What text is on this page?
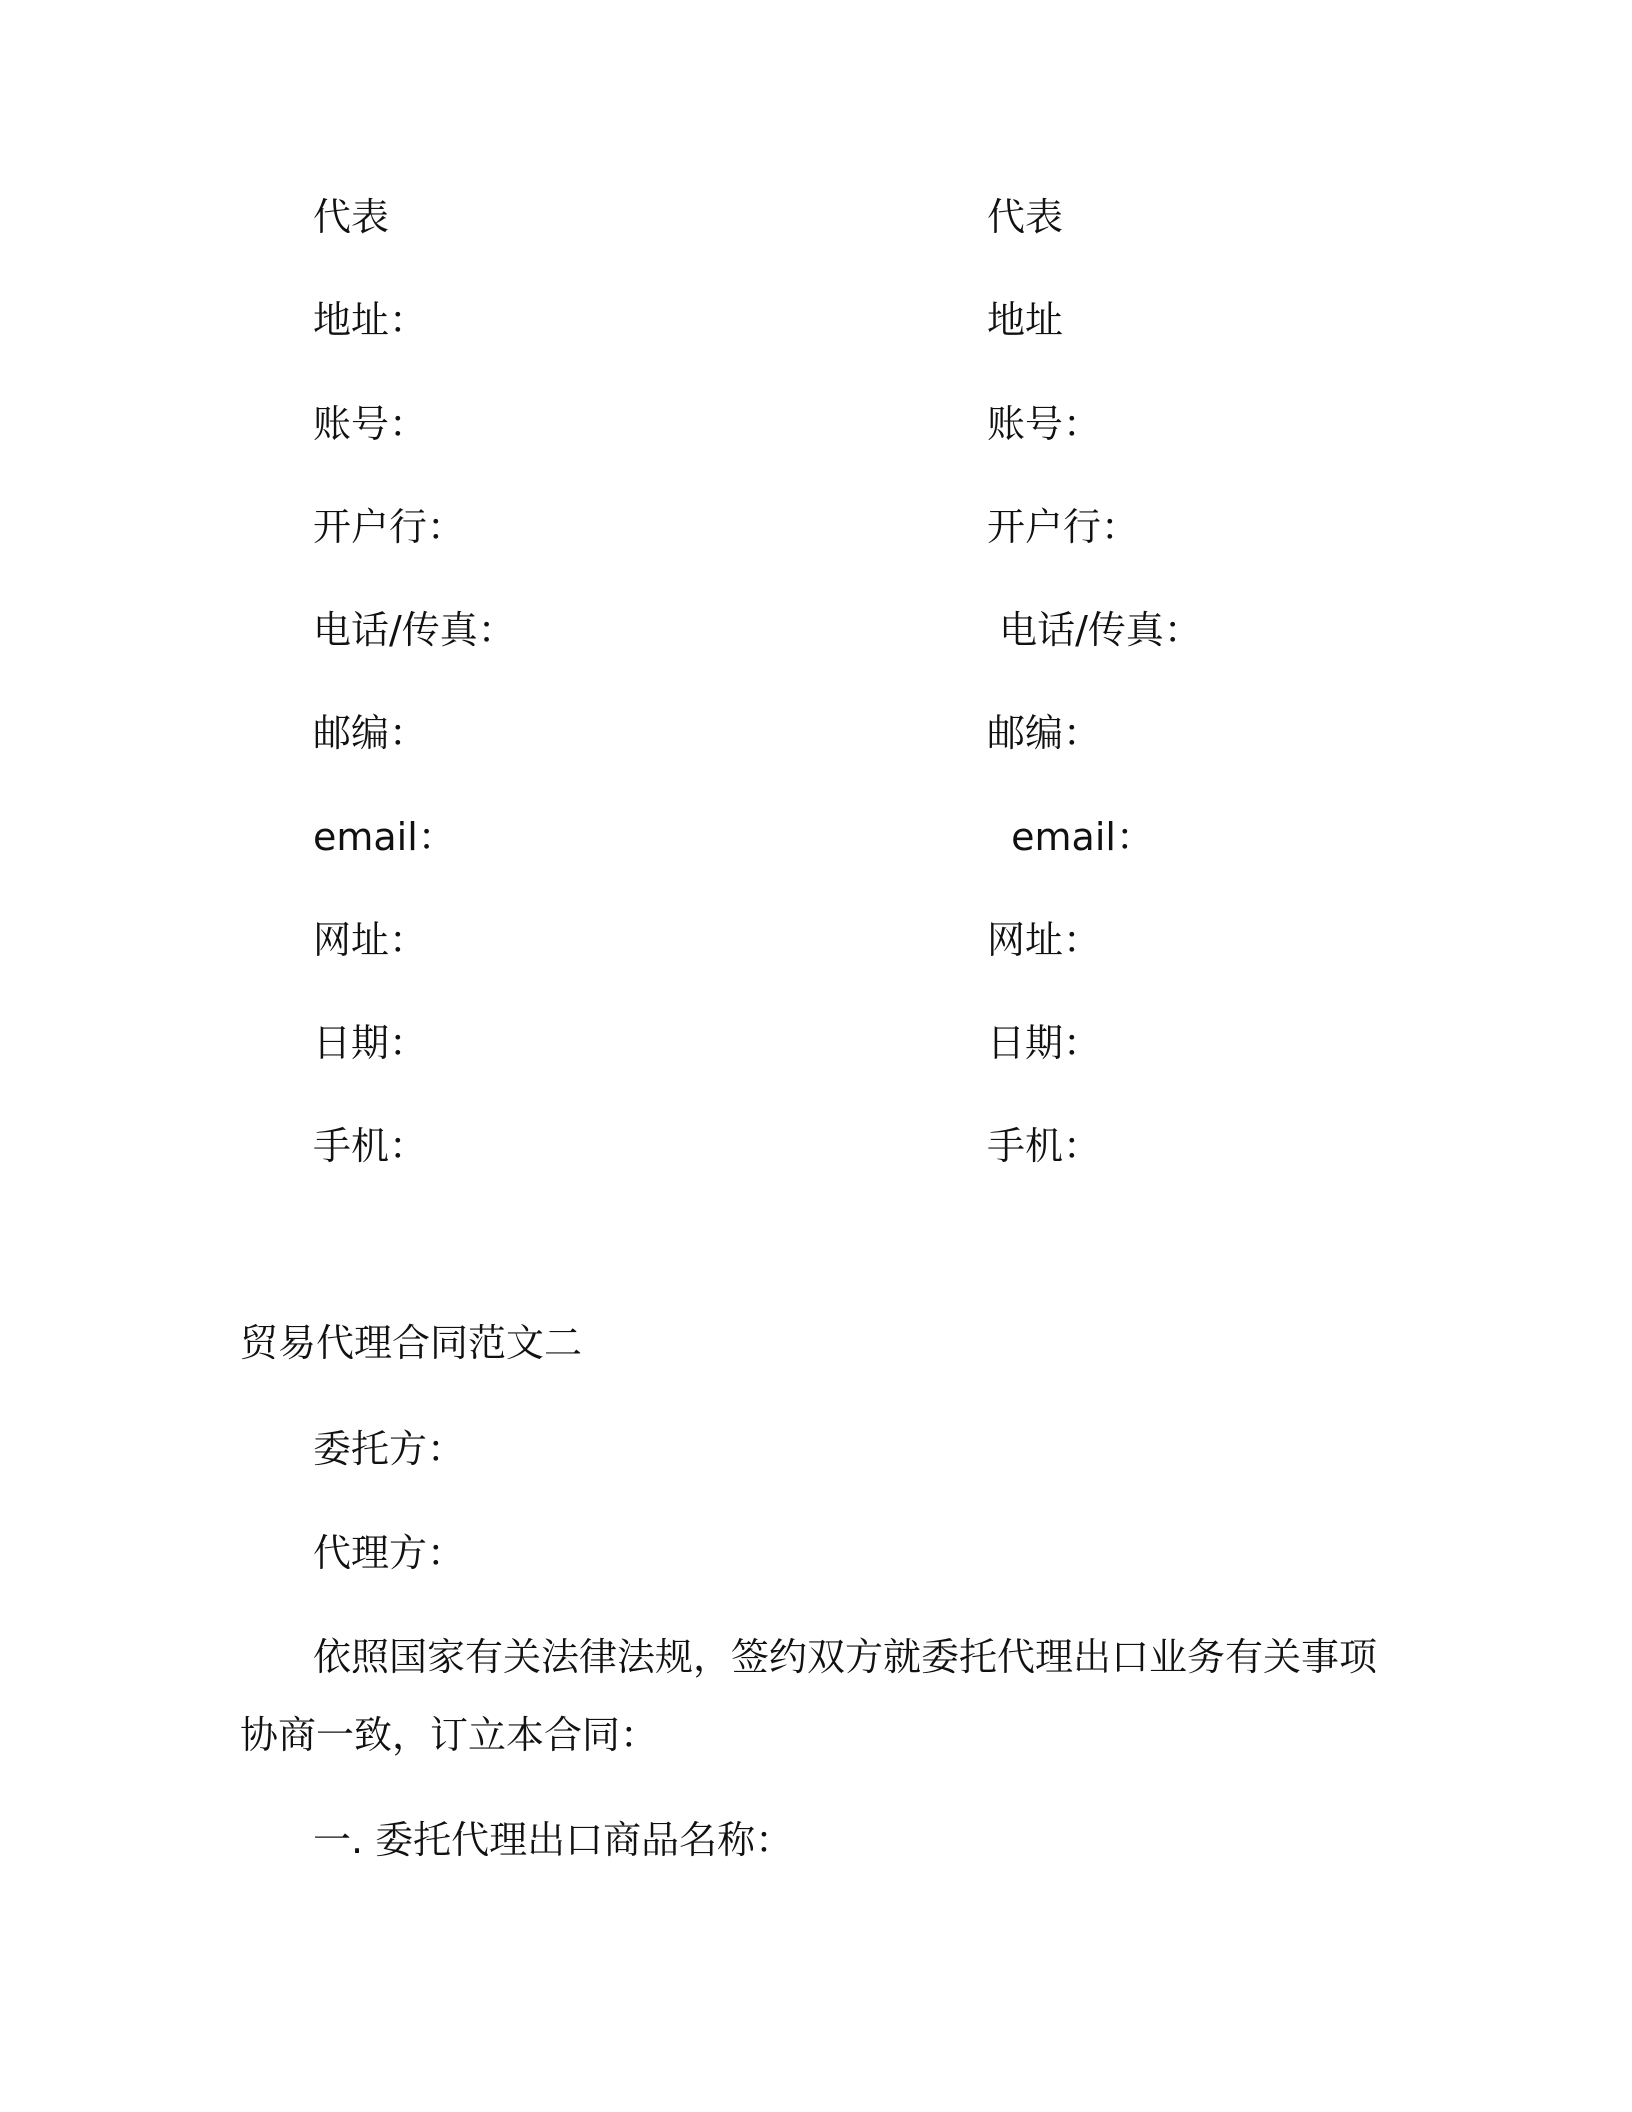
代表
地址：
账号：
开户行：
电话/传真：
邮编：
email：
网址：
日期：
手机：
代表
地址
账号：
开户行：
电话/传真：
邮编：
email：
网址：
日期：
手机：
贸易代理合同范文二
委托方：
代理方：
依照国家有关法律法规，签约双方就委托代理出口业务有关事项
协商一致，订立本合同：
一. 委托代理出口商品名称：
